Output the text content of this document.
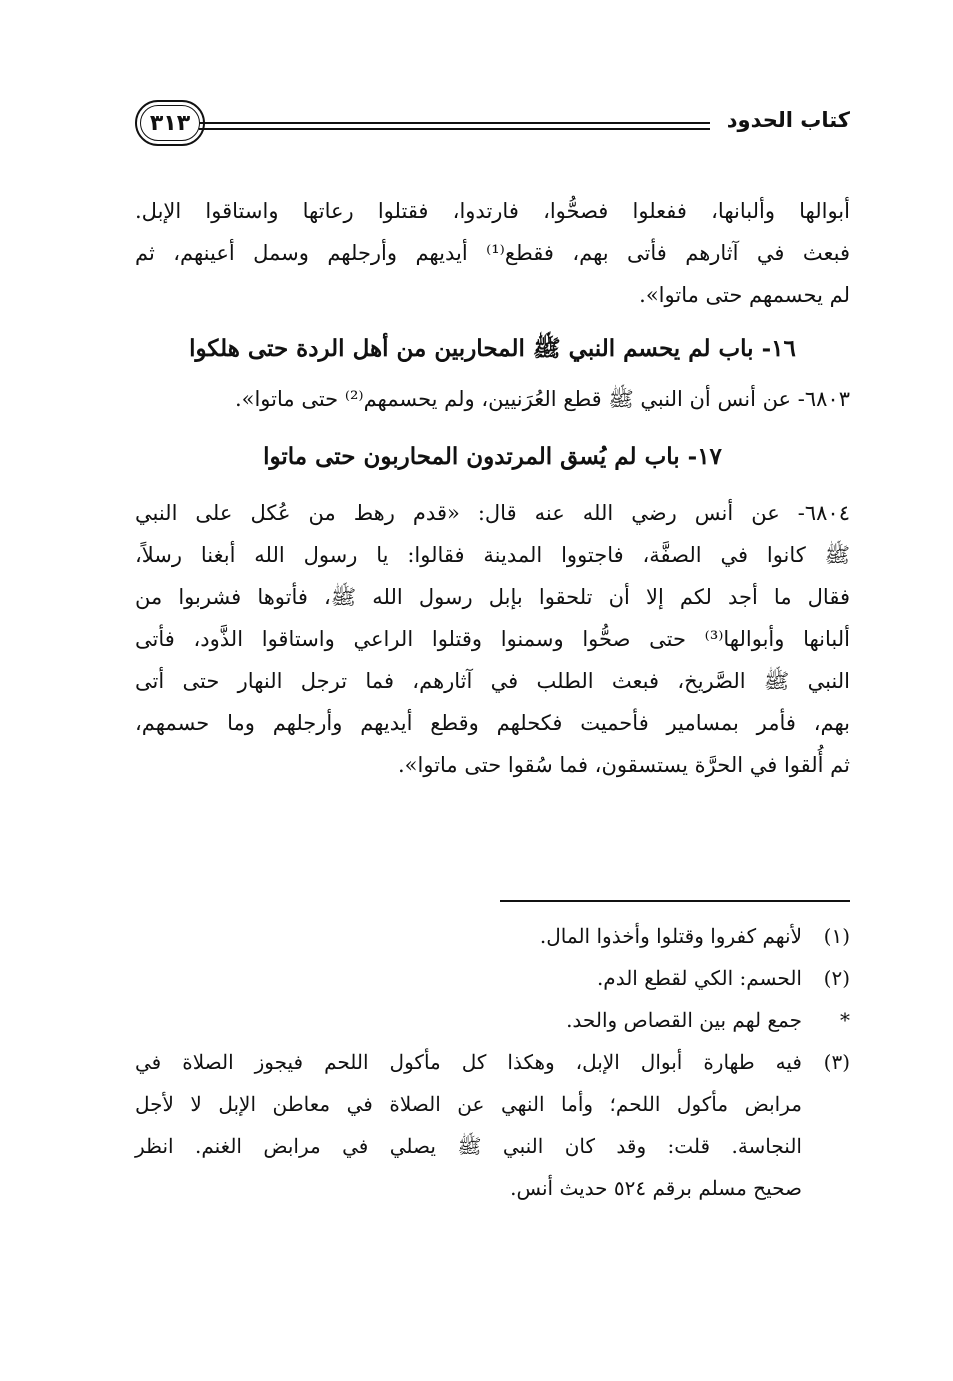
كتاب الحدود
٣١٣
أبوالها وألبانها، ففعلوا فصحُّوا، فارتدوا، فقتلوا رعاتها واستاقوا الإبل.
فبعث في آثارهم فأتى بهم، فقطع⁽¹⁾ أيديهم وأرجلهم وسمل أعينهم، ثم
لم يحسمهم حتى ماتوا».
١٦- باب لم يحسم النبي ﷺ المحاربين من أهل الردة حتى هلكوا
٦٨٠٣- عن أنس أن النبي ﷺ قطع العُرَنيين، ولم يحسمهم⁽²⁾ حتى ماتوا».
١٧- باب لم يُسق المرتدون المحاربون حتى ماتوا
٦٨٠٤- عن أنس رضي الله عنه قال: «قدم رهط من عُكل على النبي
ﷺ كانوا في الصفَّة، فاجتووا المدينة فقالوا: يا رسول الله أبغنا رسلاً،
فقال ما أجد لكم إلا أن تلحقوا بإبل رسول الله ﷺ، فأتوها فشربوا من
ألبانها وأبوالها⁽³⁾ حتى صحُّوا وسمنوا وقتلوا الراعي واستاقوا الذَّود، فأتى
النبي ﷺ الصَّريخ، فبعث الطلب في آثارهم، فما ترجل النهار حتى أتى
بهم، فأمر بمسامير فأحميت فكحلهم وقطع أيديهم وأرجلهم وما حسمهم،
ثم أُلقوا في الحرَّة يستسقون، فما سُقوا حتى ماتوا».
(١)
لأنهم كفروا وقتلوا وأخذوا المال.
(٢)
الحسم: الكي لقطع الدم.
*
جمع لهم بين القصاص والحد.
(٣)
فيه طهارة أبوال الإبل، وهكذا كل مأكول اللحم فيجوز الصلاة في
مرابض مأكول اللحم؛ وأما النهي عن الصلاة في معاطن الإبل لا لأجل
النجاسة. قلت: وقد كان النبي ﷺ يصلي في مرابض الغنم. انظر
صحيح مسلم برقم ٥٢٤ حديث أنس.
